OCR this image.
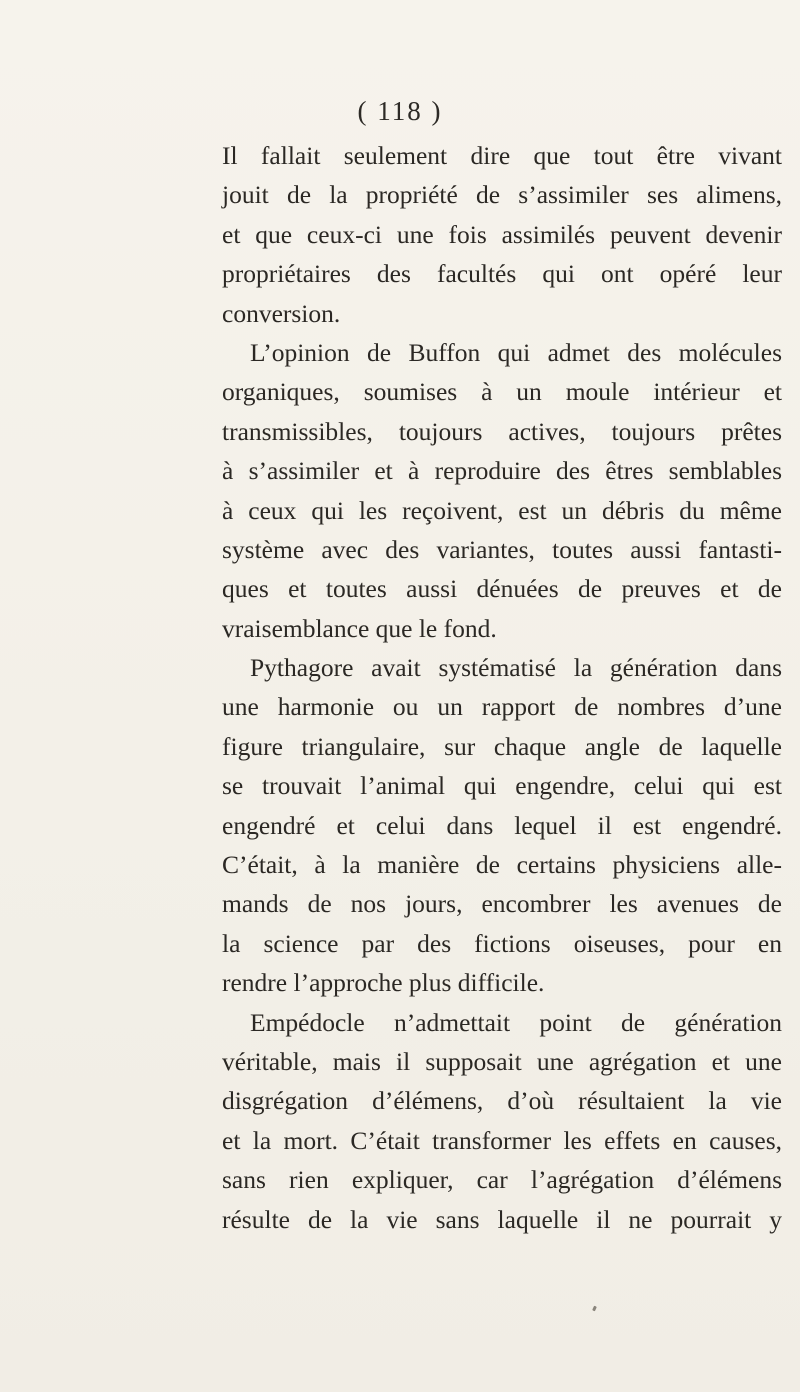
( 118 )
Il fallait seulement dire que tout être vivant
jouit de la propriété de s’assimiler ses alimens,
et que ceux-ci une fois assimilés peuvent devenir
propriétaires des facultés qui ont opéré leur
conversion.
L’opinion de Buffon qui admet des molécules
organiques, soumises à un moule intérieur et
transmissibles, toujours actives, toujours prêtes
à s’assimiler et à reproduire des êtres semblables
à ceux qui les reçoivent, est un débris du même
système avec des variantes, toutes aussi fantasti-
ques et toutes aussi dénuées de preuves et de
vraisemblance que le fond.
Pythagore avait systématisé la génération dans
une harmonie ou un rapport de nombres d’une
figure triangulaire, sur chaque angle de laquelle
se trouvait l’animal qui engendre, celui qui est
engendré et celui dans lequel il est engendré.
C’était, à la manière de certains physiciens alle-
mands de nos jours, encombrer les avenues de
la science par des fictions oiseuses, pour en
rendre l’approche plus difficile.
Empédocle n’admettait point de génération
véritable, mais il supposait une agrégation et une
disgrégation d’élémens, d’où résultaient la vie
et la mort. C’était transformer les effets en causes,
sans rien expliquer, car l’agrégation d’élémens
résulte de la vie sans laquelle il ne pourrait y
